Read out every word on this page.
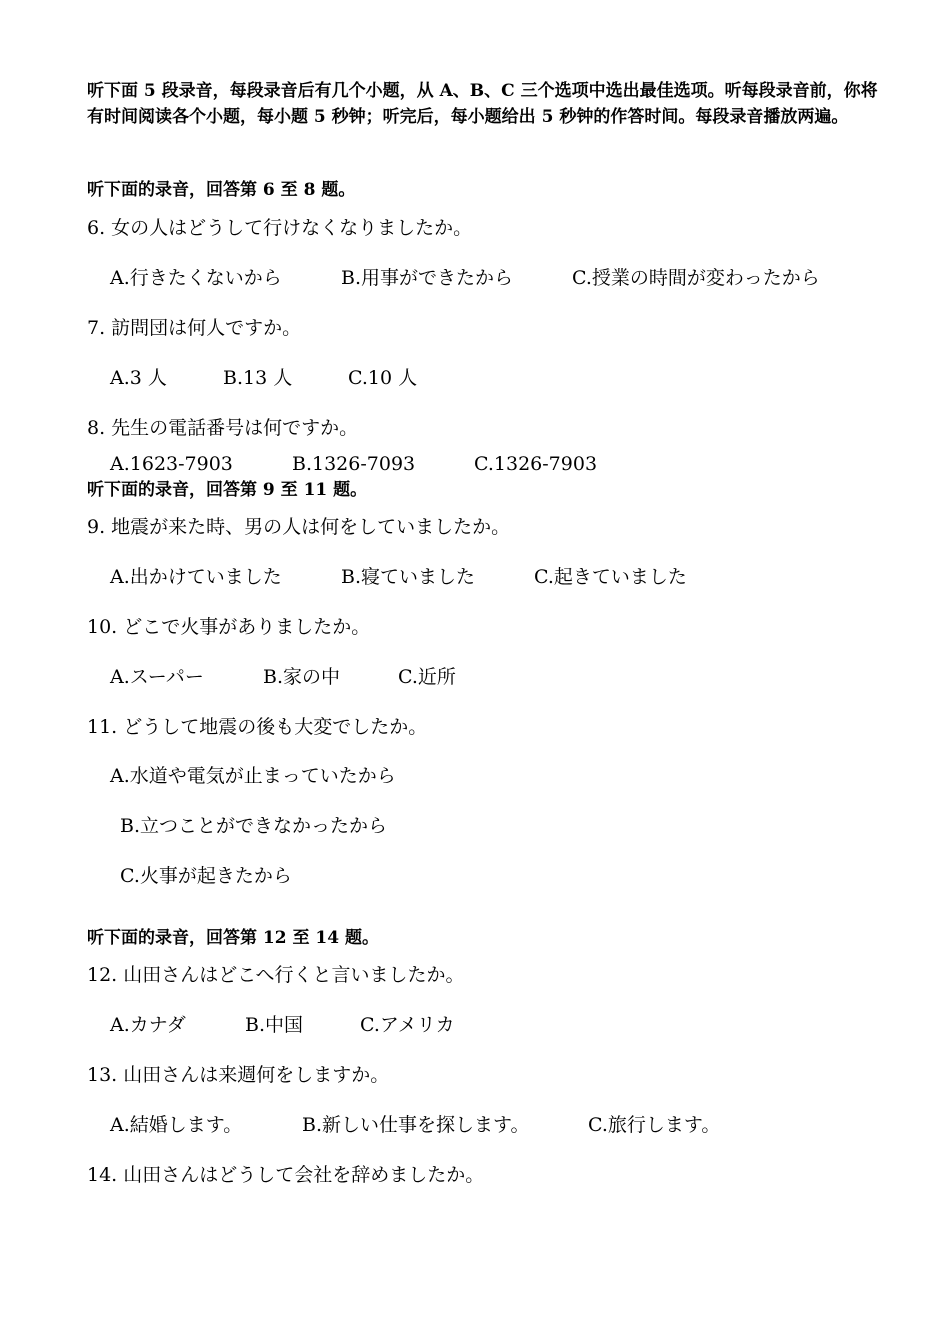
听下面 5 段录音，每段录音后有几个小题，从 A、B、C 三个选项中选出最佳选项。听每段录音前，你将有时间阅读各个小题，每小题 5 秒钟；听完后，每小题给出 5 秒钟的作答时间。每段录音播放两遍。
听下面的录音，回答第 6 至 8 题。
6. 女の人はどうして行けなくなりましたか。
A.行きたくないから	B.用事ができたから	C.授業の時間が変わったから
7. 訪問団は何人ですか。
A.3 人	B.13 人	C.10 人
8. 先生の電話番号は何ですか。
A.1623-7903	B.1326-7093	C.1326-7903
听下面的录音，回答第 9 至 11 题。
9. 地震が来た時、男の人は何をしていましたか。
A.出かけていました	B.寝ていました	C.起きていました
10. どこで火事がありましたか。
A.スーパー	B.家の中	C.近所
11. どうして地震の後も大変でしたか。
A.水道や電気が止まっていたから
B.立つことができなかったから
C.火事が起きたから
听下面的录音，回答第 12 至 14 题。
12. 山田さんはどこへ行くと言いましたか。
A.カナダ	B.中国	C.アメリカ
13. 山田さんは来週何をしますか。
A.結婚します。	B.新しい仕事を探します。	C.旅行します。
14. 山田さんはどうして会社を辞めましたか。
